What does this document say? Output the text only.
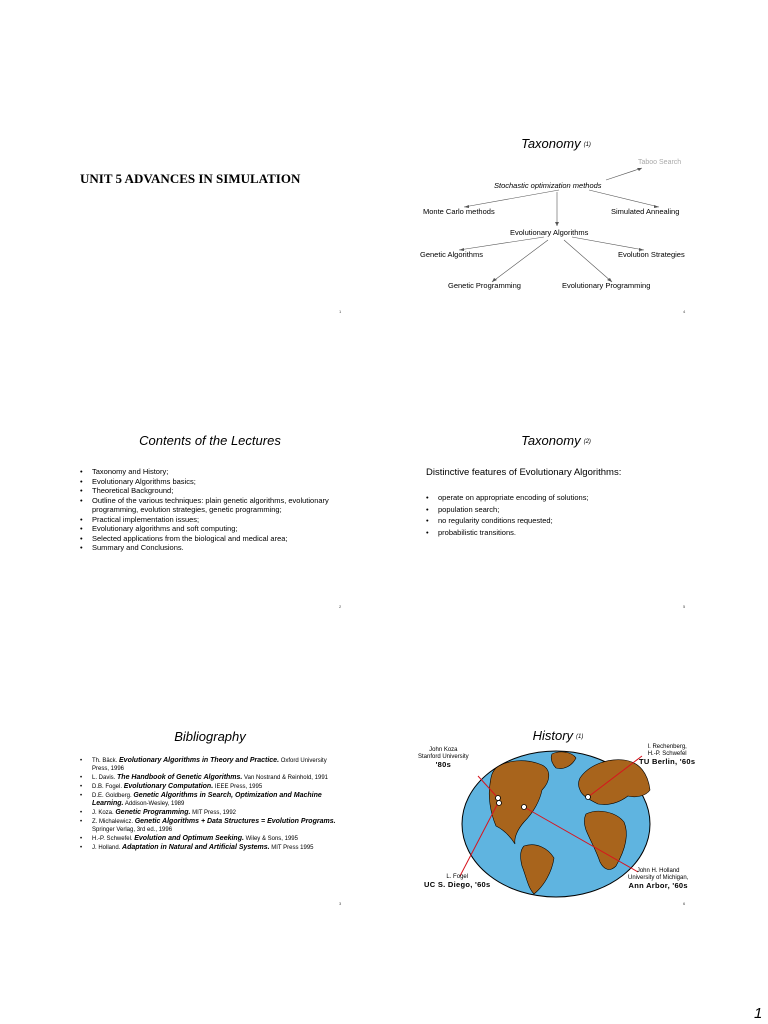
UNIT 5 ADVANCES IN SIMULATION
1
Taxonomy $^{(1)}$
Taboo Search
Stochastic optimization methods
Monte Carlo methods	Simulated Annealing
Evolutionary Algorithms
Genetic Algorithms	Evolution Strategies
Genetic Programming	Evolutionary Programming
4
Contents of the Lectures
• Taxonomy and History;
• Evolutionary Algorithms basics;
• Theoretical Background;
• Outline of the various techniques: plain genetic algorithms, evolutionary programming, evolution strategies, genetic programming;
• Practical implementation issues;
• Evolutionary algorithms and soft computing;
• Selected applications from the biological and medical area;
• Summary and Conclusions.
2
Taxonomy $^{(2)}$
Distinctive features of Evolutionary Algorithms:
• operate on appropriate encoding of solutions;
• population search;
• no regularity conditions requested;
• probabilistic transitions.
5
Bibliography
• Th. Bäck. Evolutionary Algorithms in Theory and Practice. Oxford University Press, 1996
• L. Davis. The Handbook of Genetic Algorithms. Van Nostrand & Reinhold, 1991
• D.B. Fogel. Evolutionary Computation. IEEE Press, 1995
• D.E. Goldberg. Genetic Algorithms in Search, Optimization and Machine Learning. Addison-Wesley, 1989
• J. Koza. Genetic Programming. MIT Press, 1992
• Z. Michalewicz. Genetic Algorithms + Data Structures = Evolution Programs. Springer Verlag, 3rd ed., 1996
• H.-P. Schwefel. Evolution and Optimum Seeking. Wiley & Sons, 1995
• J. Holland. Adaptation in Natural and Artificial Systems. MIT Press 1995
3
History $^{(1)}$
John Koza
Stanford University
'80s
I. Rechenberg,
H.-P. Schwefel
TU Berlin, '60s
L. Fogel
UC S. Diego, '60s
John H. Holland
University of Michigan,
Ann Arbor, '60s
6
1
